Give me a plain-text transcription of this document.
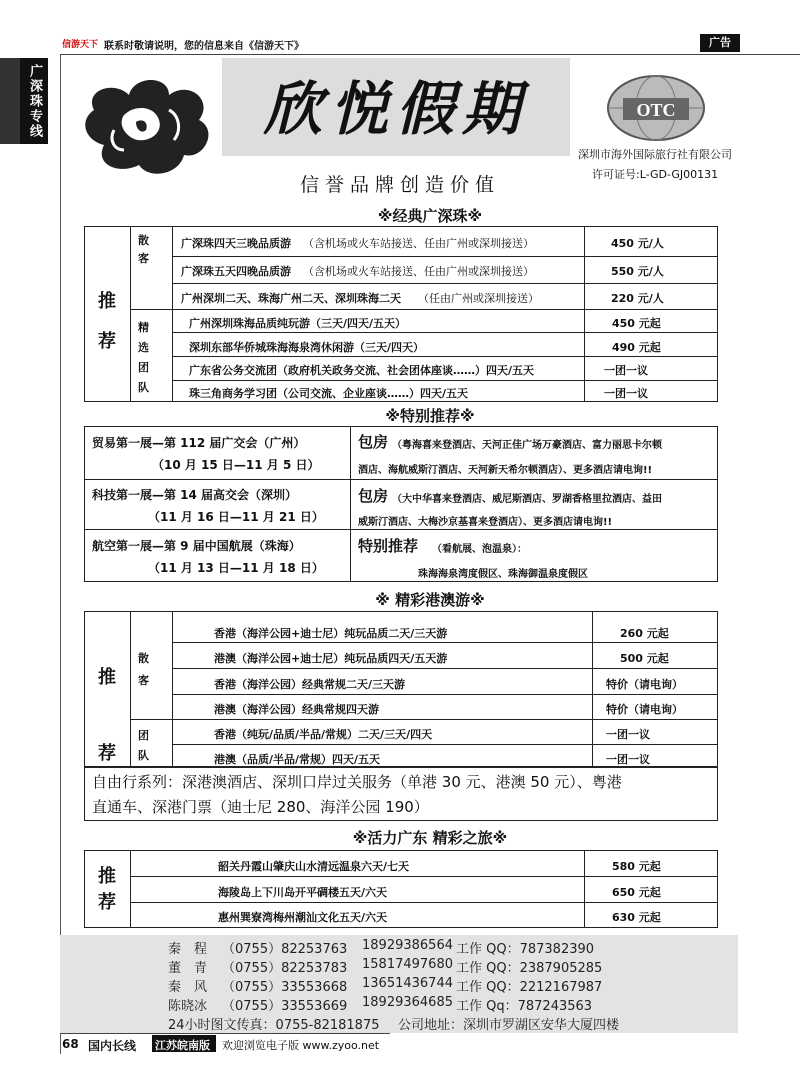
信游天下 联系时敬请说明，您的信息来自《信游天下》	广告
广深珠专线	欣悦假期
信誉品牌创造价值
OTC
深圳市海外国际旅行社有限公司
许可证号:L-GD-GJ00131
※经典广深珠※
推荐
散客
精选团队
广深珠四天三晚品质游 （含机场或火车站接送、任由广州或深圳接送）	450 元/人
广深珠五天四晚品质游 （含机场或火车站接送、任由广州或深圳接送）	550 元/人
广州深圳二天、珠海广州二天、深圳珠海二天 （任由广州或深圳接送）	220 元/人
广州深圳珠海品质纯玩游（三天/四天/五天）	450 元起
深圳东部华侨城珠海海泉湾休闲游（三天/四天）	490 元起
广东省公务交流团（政府机关政务交流、社会团体座谈……）四天/五天	一团一议
珠三角商务学习团（公司交流、企业座谈……）四天/五天	一团一议
※特别推荐※
贸易第一展—第 112 届广交会（广州）
（10 月 15 日—11 月 5 日）
包房 （粤海喜来登酒店、天河正佳广场万豪酒店、富力丽思卡尔顿
酒店、海航威斯汀酒店、天河新天希尔顿酒店）、更多酒店请电询!!
科技第一展—第 14 届高交会（深圳）
（11 月 16 日—11 月 21 日）
包房 （大中华喜来登酒店、威尼斯酒店、罗湖香格里拉酒店、益田
威斯汀酒店、大梅沙京基喜来登酒店）、更多酒店请电询!!
航空第一展—第 9 届中国航展（珠海）
（11 月 13 日—11 月 18 日）
特别推荐 （看航展、泡温泉）：
珠海海泉湾度假区、珠海御温泉度假区
※ 精彩港澳游※
推荐
散客
团队
香港（海洋公园+迪士尼）纯玩品质二天/三天游	260 元起
港澳（海洋公园+迪士尼）纯玩品质四天/五天游	500 元起
香港（海洋公园）经典常规二天/三天游	特价（请电询）
港澳（海洋公园）经典常规四天游	特价（请电询）
香港（纯玩/品质/半品/常规）二天/三天/四天	一团一议
港澳（品质/半品/常规）四天/五天	一团一议
自由行系列：深港澳酒店、深圳口岸过关服务（单港 30 元、港澳 50 元）、粤港
直通车、深港门票（迪士尼 280、海洋公园 190）
※活力广东 精彩之旅※
推荐
韶关丹霞山肇庆山水清远温泉六天/七天	580 元起
海陵岛上下川岛开平碉楼五天/六天	650 元起
惠州巽寮湾梅州潮汕文化五天/六天	630 元起
秦　程 （0755）82253763 18929386564 工作 QQ：787382390
董　青 （0755）82253783 15817497680 工作 QQ：2387905285
秦　风 （0755）33553668 13651436744 工作 QQ：2212167987
陈晓冰 （0755）33553669 18929364685 工作 Qq：787243563
24小时图文传真：0755-82181875 公司地址：深圳市罗湖区安华大厦四楼
68 国内长线 江苏皖南版 欢迎浏览电子版 www.zyoo.net
